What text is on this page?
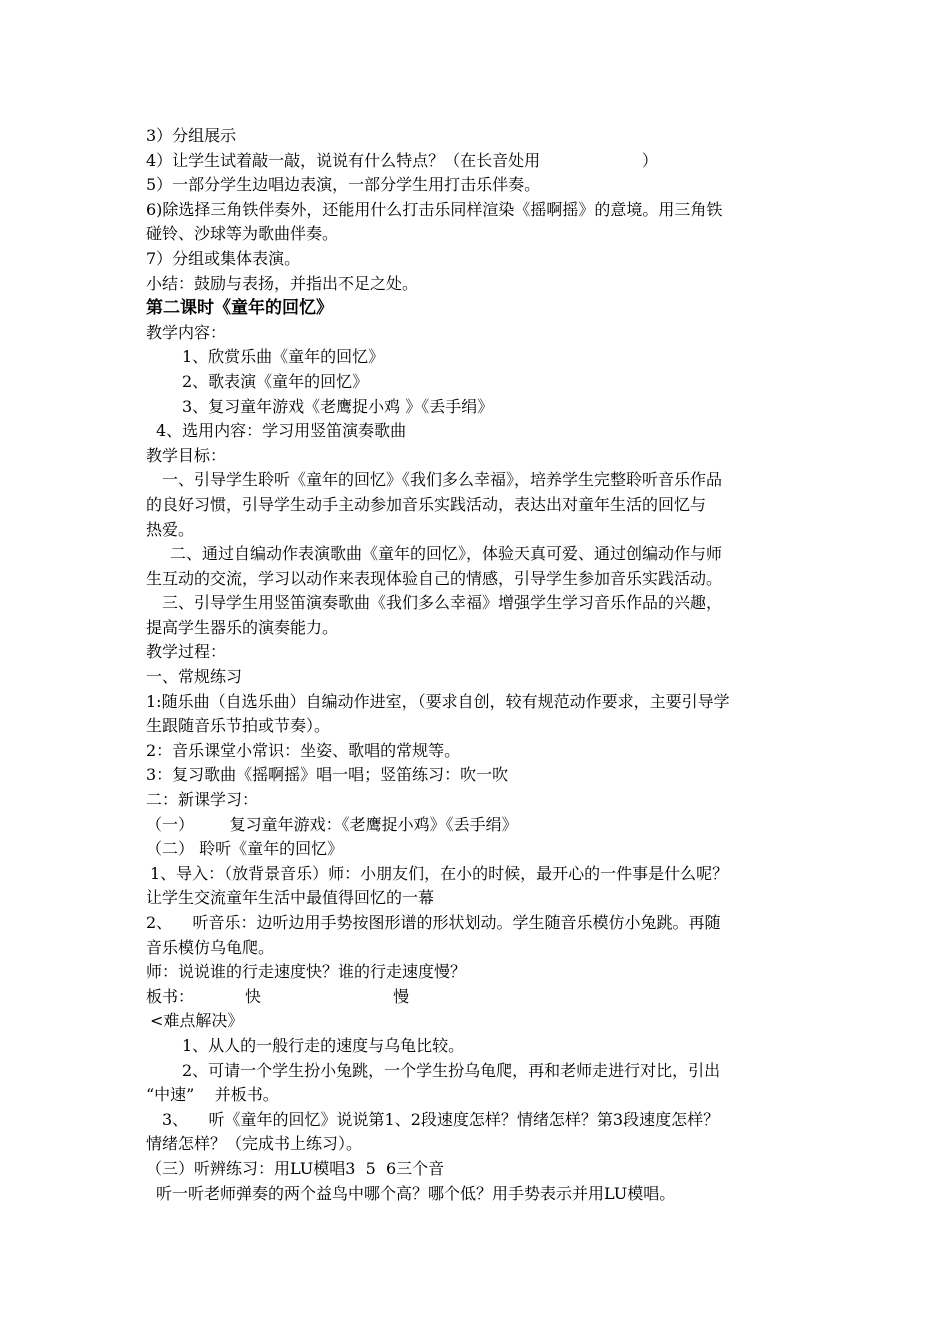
3）分组展示
4）让学生试着敲一敲，说说有什么特点？（在长音处用                    ）
5）一部分学生边唱边表演，一部分学生用打击乐伴奏。
6)除选择三角铁伴奏外，还能用什么打击乐同样渲染《摇啊摇》的意境。用三角铁
碰铃、沙球等为歌曲伴奏。
7）分组或集体表演。
小结：鼓励与表扬，并指出不足之处。
第二课时《童年的回忆》
教学内容：
1、欣赏乐曲《童年的回忆》
2、歌表演《童年的回忆》
3、复习童年游戏《老鹰捉小鸡 》《丢手绢》
4、选用内容：学习用竖笛演奏歌曲
教学目标：
一、引导学生聆听《童年的回忆》《我们多么幸福》，培养学生完整聆听音乐作品
的良好习惯，引导学生动手主动参加音乐实践活动，表达出对童年生活的回忆与
热爱。
二、通过自编动作表演歌曲《童年的回忆》，体验天真可爱、通过创编动作与师
生互动的交流，学习以动作来表现体验自己的情感，引导学生参加音乐实践活动。
三、引导学生用竖笛演奏歌曲《我们多么幸福》增强学生学习音乐作品的兴趣，
提高学生器乐的演奏能力。
教学过程：
一、常规练习
1:随乐曲（自选乐曲）自编动作进室，（要求自创，较有规范动作要求，主要引导学
生跟随音乐节拍或节奏）。
2：音乐课堂小常识：坐姿、歌唱的常规等。
3：复习歌曲《摇啊摇》唱一唱；竖笛练习：吹一吹
二：新课学习：
（一）       复习童年游戏：《老鹰捉小鸡》《丢手绢》
（二） 聆听《童年的回忆》
1、导入：（放背景音乐）师：小朋友们，在小的时候，最开心的一件事是什么呢？
让学生交流童年生活中最值得回忆的一幕
2、    听音乐：边听边用手势按图形谱的形状划动。学生随音乐模仿小兔跳。再随
音乐模仿乌龟爬。
师：说说谁的行走速度快？谁的行走速度慢？
板书：          快                          慢
<难点解决》
1、从人的一般行走的速度与乌龟比较。
2、可请一个学生扮小兔跳，一个学生扮乌龟爬，再和老师走进行对比，引出
“中速”    并板书。
3、    听《童年的回忆》说说第1、2段速度怎样？情绪怎样？第3段速度怎样？
情绪怎样？（完成书上练习）。
（三）听辨练习：用LU模唱3  5  6三个音
听一听老师弹奏的两个益鸟中哪个高？哪个低？用手势表示并用LU模唱。
